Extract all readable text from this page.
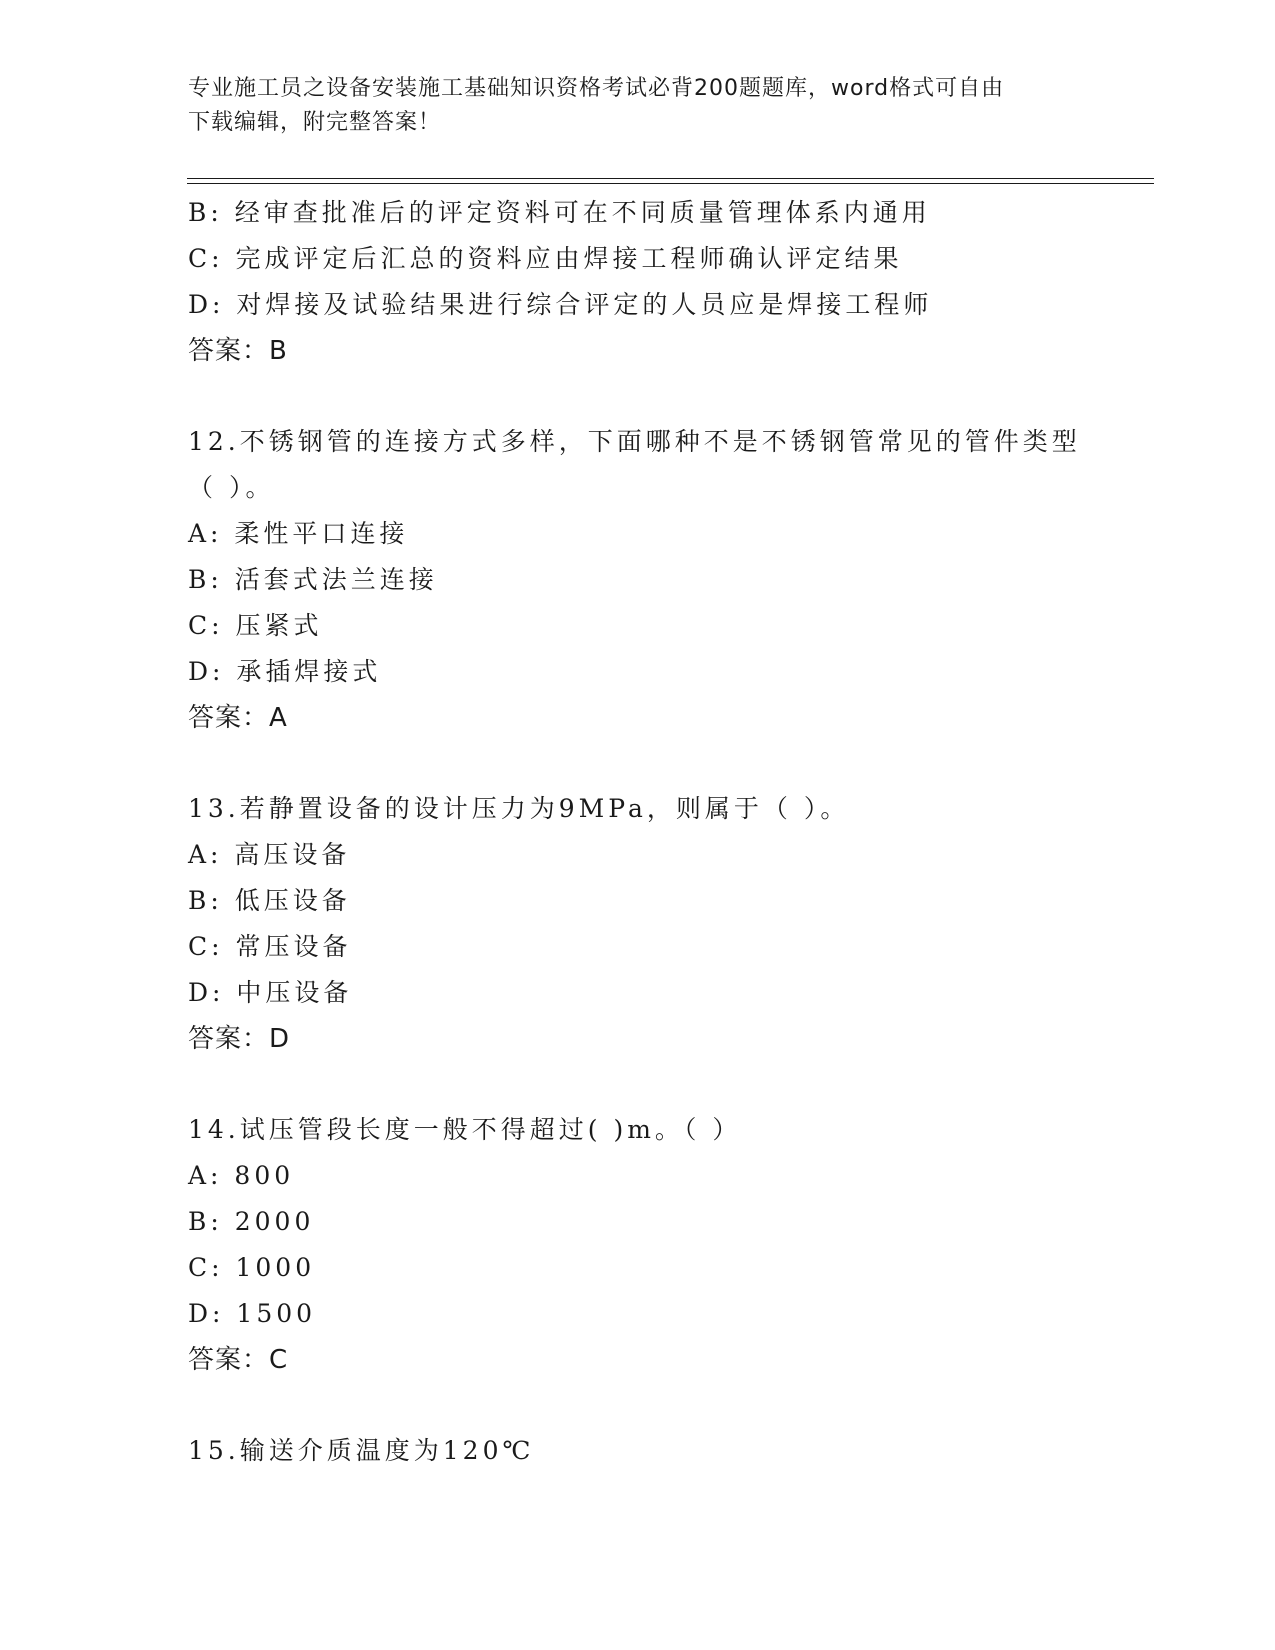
专业施工员之设备安装施工基础知识资格考试必背200题题库，word格式可自由
下载编辑，附完整答案！
B: 经审查批准后的评定资料可在不同质量管理体系内通用
C: 完成评定后汇总的资料应由焊接工程师确认评定结果
D: 对焊接及试验结果进行综合评定的人员应是焊接工程师
答案：B
12.不锈钢管的连接方式多样，下面哪种不是不锈钢管常见的管件类型
（ ）。
A: 柔性平口连接
B: 活套式法兰连接
C: 压紧式
D: 承插焊接式
答案：A
13.若静置设备的设计压力为9MPa，则属于（ ）。
A: 高压设备
B: 低压设备
C: 常压设备
D: 中压设备
答案：D
14.试压管段长度一般不得超过( )m。（ ）
A: 800
B: 2000
C: 1000
D: 1500
答案：C
15.输送介质温度为120℃
